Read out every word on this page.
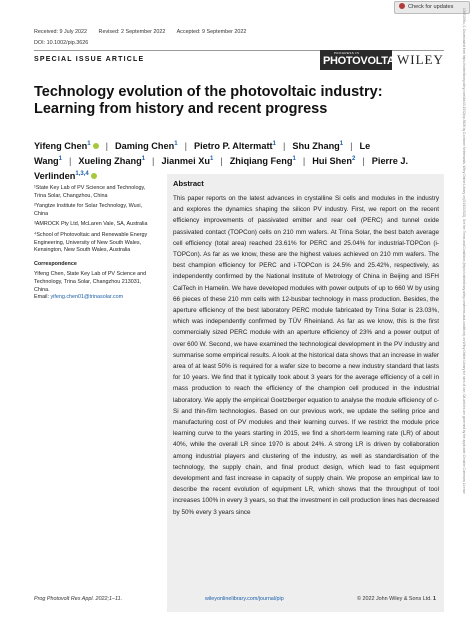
Check for updates
Received: 9 July 2022 Revised: 2 September 2022 Accepted: 9 September 2022
DOI: 10.1002/pip.3626
SPECIAL ISSUE ARTICLE
PROGRESS IN
PHOTOVOLTAICS
WILEY
Technology evolution of the photovoltaic industry: Learning from history and recent progress
Yifeng Chen$^1$ | Daming Chen$^1$ | Pietro P. Altermatt$^1$ | Shu Zhang$^1$ | Le Wang$^1$ | Xueling Zhang$^1$ | Jianmei Xu$^1$ | Zhiqiang Feng$^1$ | Hui Shen$^2$ | Pierre J. Verlinden$^{1,3,4}$

¹State Key Lab of PV Science and Technology, Trina Solar, Changzhou, China

²Yangtze Institute for Solar Technology, Wuxi, China

³AMROCK Pty Ltd, McLaren Vale, SA, Australia

⁴School of Photovoltaic and Renewable Energy Engineering, University of New South Wales, Kensington, New South Wales, Australia

Correspondence

Yifeng Chen, State Key Lab of PV Science and Technology, Trina Solar, Changzhou 213031, China.
Email: yifeng.chen01@trinasolar.com

Abstract

This paper reports on the latest advances in crystalline Si cells and modules in the industry and explores the dynamics shaping the silicon PV industry. First, we report on the recent efficiency improvements of passivated emitter and rear cell (PERC) and tunnel oxide passivated contact (TOPCon) cells on 210 mm wafers. At Trina Solar, the best batch average cell efficiency (total area) reached 23.61% for PERC and 25.04% for industrial-TOPCon (i-TOPCon). As far as we know, these are the highest values achieved on 210 mm wafers. The best champion efficiency for PERC and i-TOPCon is 24.5% and 25.42%, respectively, as independently confirmed by the National Institute of Metrology of China in Beijing and ISFH CalTech in Hamelin. We have developed modules with power outputs of up to 660 W by using 66 pieces of these 210 mm cells with 12-busbar technology in mass production. Besides, the aperture efficiency of the best laboratory PERC module fabricated by Trina Solar is 23.03%, which was independently confirmed by TÜV Rheinland. As far as we know, this is the first commercially sized PERC module with an aperture efficiency of 23% and a power output of over 600 W. Second, we have examined the technological development in the PV industry and summarise some empirical results. A look at the historical data shows that an increase in wafer area of at least 50% is required for a wafer size to become a new industry standard that lasts for 10 years. We find that it typically took about 3 years for the average efficiency of a cell in mass production to reach the efficiency of the champion cell produced in the industrial laboratory. We apply the empirical Goetzberger equation to analyse the module efficiency of c-Si and thin-film technologies. Based on our previous work, we update the selling price and manufacturing cost of PV modules and their learning curves. If we restrict the module price learning curve to the years starting in 2015, we find a short-term learning rate (LR) of about 40%, while the overall LR since 1970 is about 24%. A strong LR is driven by collaboration among industrial players and clustering of the industry, as well as standardisation of the technology, the supply chain, and final product design, which lead to fast equipment development and fast increase in capacity of supply chain. We propose an empirical law to describe the recent evolution of equipment LR, which shows that the throughput of tool increases 100% in every 3 years, so that the investment in cell production lines has decreased by 50% every 3 years since

Prog Photovolt Res Appl. 2022;1–11.	wileyonlinelibrary.com/journal/pip	© 2022 John Wiley & Sons Ltd. 1
10991590x, 0, Downloaded from https://onlinelibrary.wiley.com/doi/10.1002/pip.3626 by Cochrane Netherlands, Wiley Online Library on [04/10/2022]. See the Terms and Conditions (https://onlinelibrary.wiley.com/terms-and-conditions) on Wiley Online Library for rules of use; OA articles are governed by the applicable Creative Commons License
